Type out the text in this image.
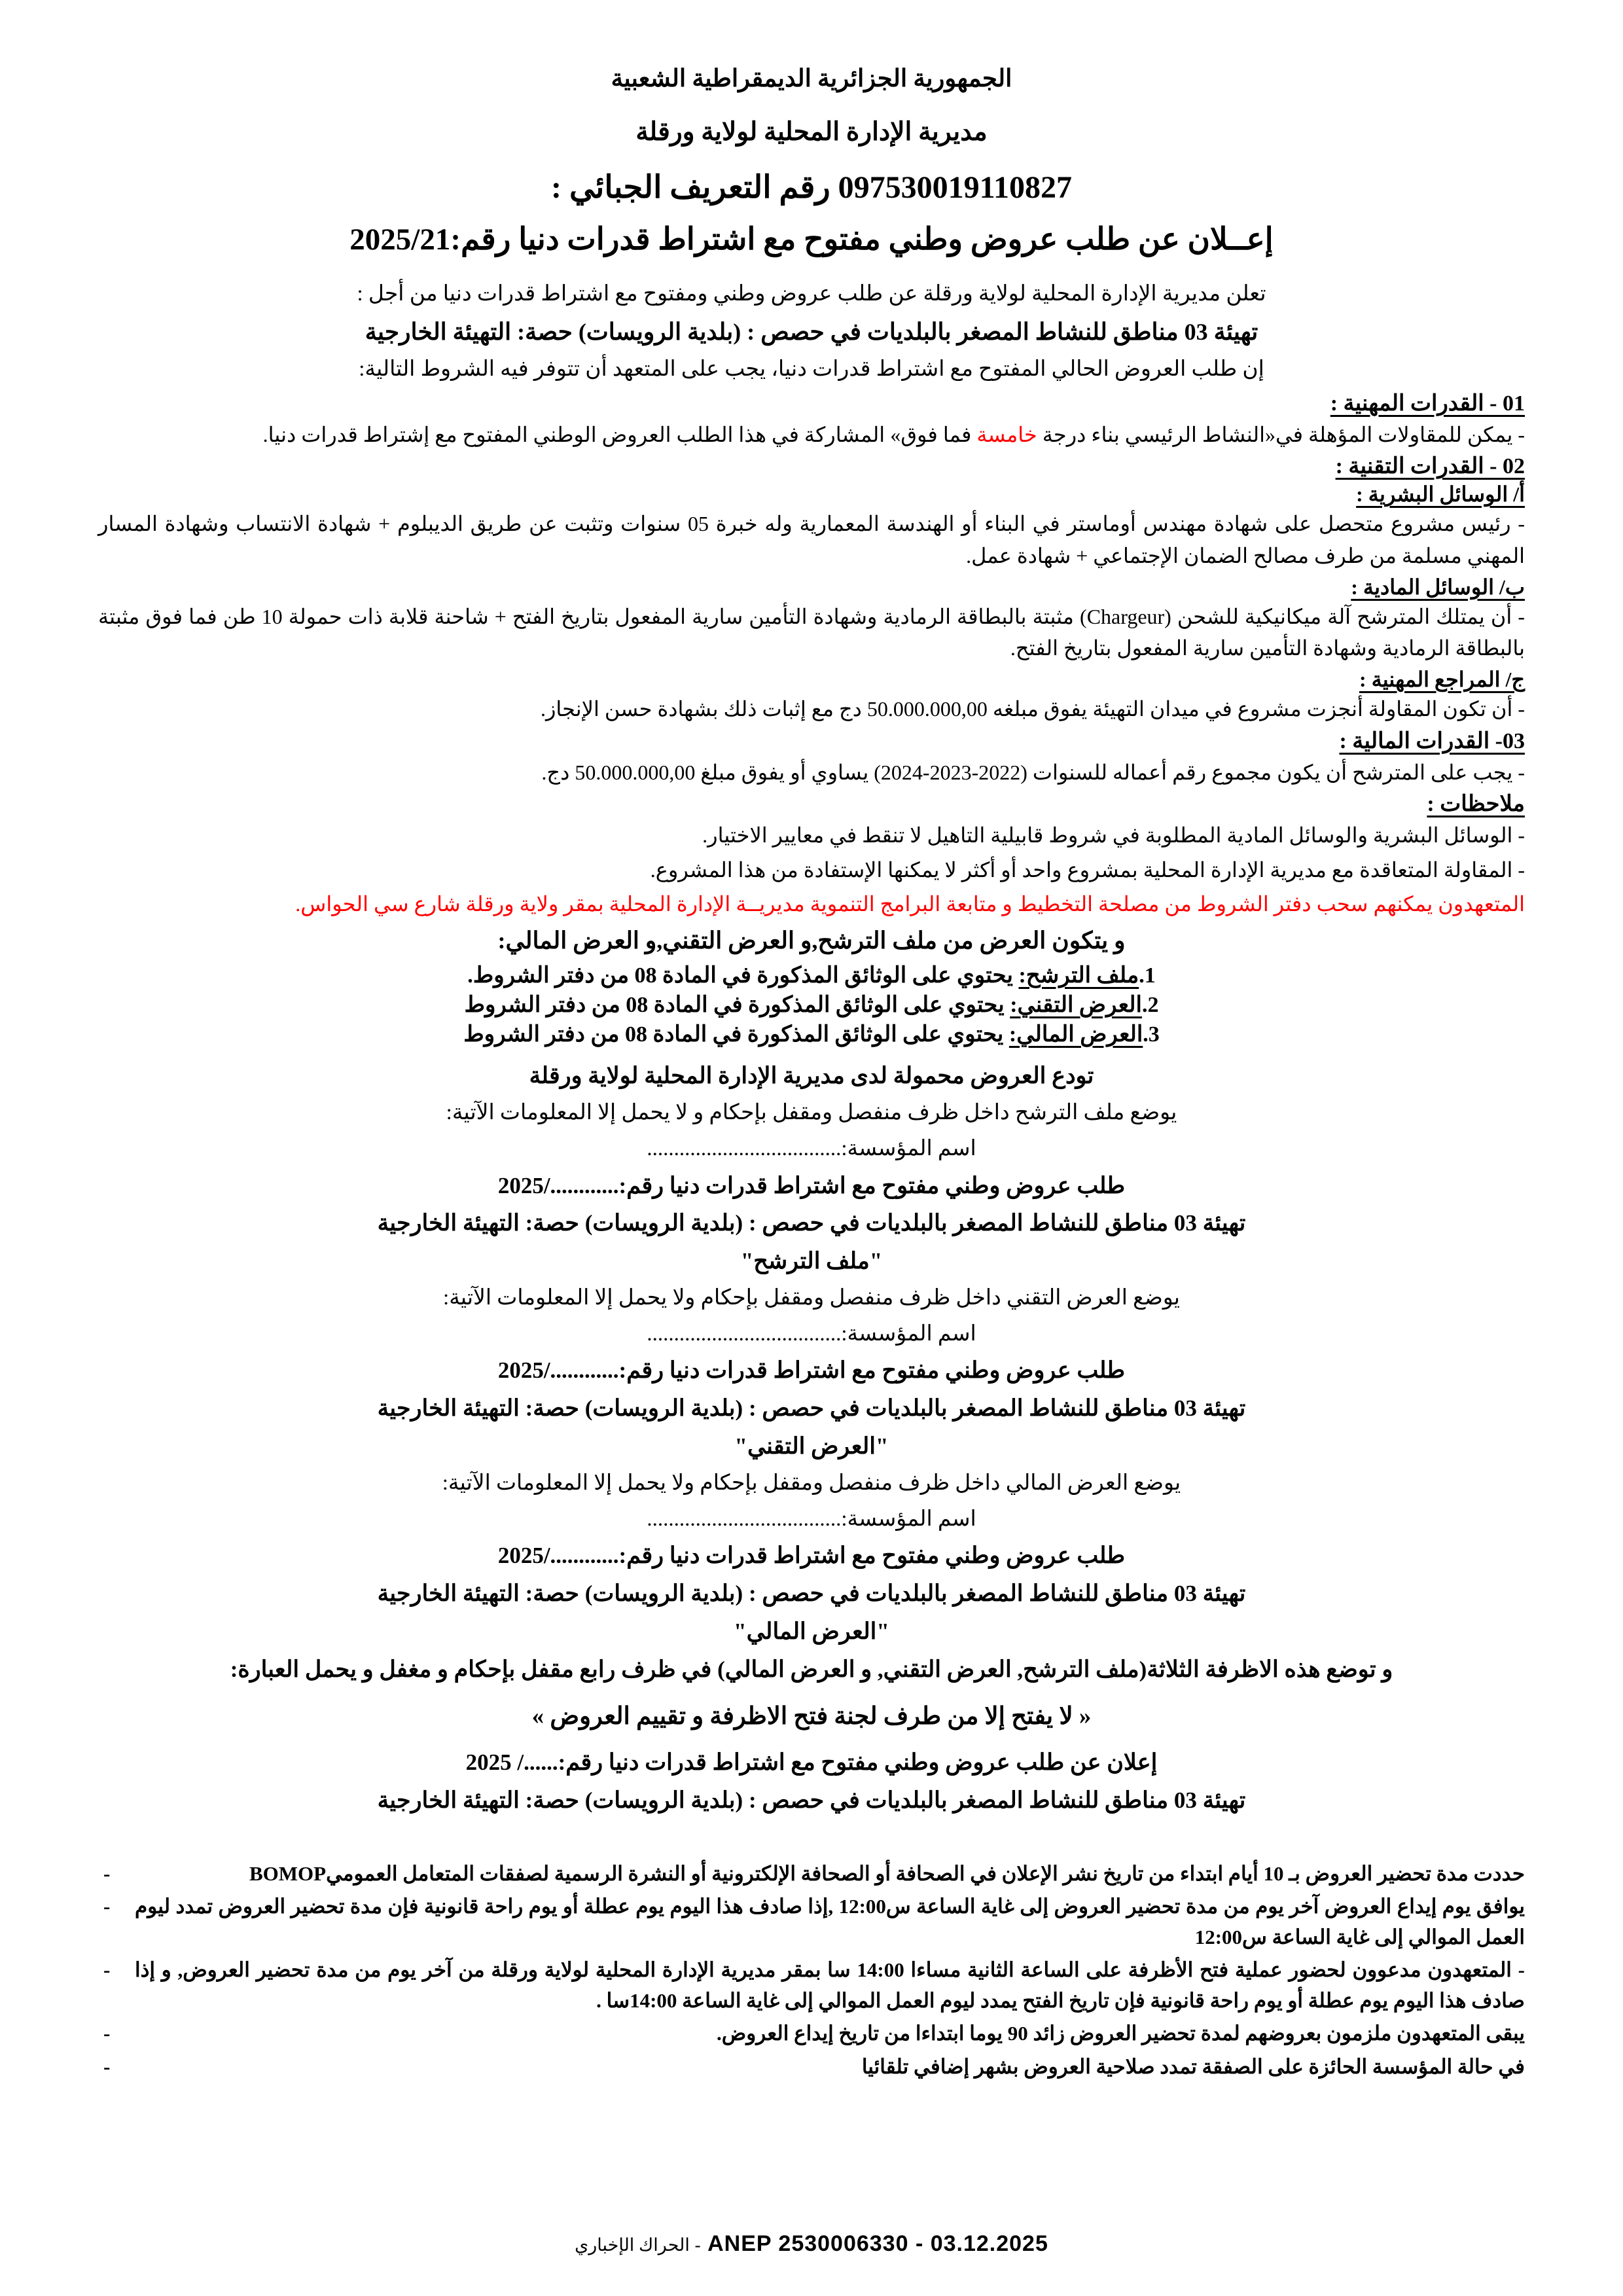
الجمهورية الجزائرية الديمقراطية الشعبية
مديرية الإدارة المحلية لولاية ورقلة
097530019110827 رقم التعريف الجبائي :
إعــلان عن طلب عروض وطني مفتوح مع اشتراط قدرات دنيا رقم:2025/21
تعلن مديرية الإدارة المحلية لولاية ورقلة عن طلب عروض وطني ومفتوح مع اشتراط قدرات دنيا من أجل :
تهيئة 03 مناطق للنشاط المصغر بالبلديات في حصص : (بلدية الرويسات) حصة: التهيئة الخارجية
إن طلب العروض الحالي المفتوح مع اشتراط قدرات دنيا، يجب على المتعهد أن تتوفر فيه الشروط التالية:
01 - القدرات المهنية :
- يمكن للمقاولات المؤهلة في«النشاط الرئيسي بناء درجة خامسة فما فوق» المشاركة في هذا الطلب العروض الوطني المفتوح مع إشتراط قدرات دنيا.
02 - القدرات التقنية :
أ/ الوسائل البشرية :
- رئيس مشروع متحصل على شهادة مهندس أوماستر في البناء أو الهندسة المعمارية وله خبرة 05 سنوات وتثبت عن طريق الديبلوم + شهادة الانتساب وشهادة المسار المهني مسلمة من طرف مصالح الضمان الإجتماعي + شهادة عمل.
ب/ الوسائل المادية :
- أن يمتلك المترشح آلة ميكانيكية للشحن (Chargeur) مثبتة بالبطاقة الرمادية وشهادة التأمين سارية المفعول بتاريخ الفتح + شاحنة قلابة ذات حمولة 10 طن فما فوق مثبتة بالبطاقة الرمادية وشهادة التأمين سارية المفعول بتاريخ الفتح.
ج/ المراجع المهنية :
- أن تكون المقاولة أنجزت مشروع في ميدان التهيئة يفوق مبلغه 50.000.000,00 دج مع إثبات ذلك بشهادة حسن الإنجاز.
03- القدرات المالية :
- يجب على المترشح أن يكون مجموع رقم أعماله للسنوات (2022-2023-2024) يساوي أو يفوق مبلغ 50.000.000,00 دج.
ملاحظات :
- الوسائل البشرية والوسائل المادية المطلوبة في شروط قابيلية التاهيل لا تنقط في معايير الاختيار.
- المقاولة المتعاقدة مع مديرية الإدارة المحلية بمشروع واحد أو أكثر لا يمكنها الإستفادة من هذا المشروع.
المتعهدون يمكنهم سحب دفتر الشروط من مصلحة التخطيط و متابعة البرامج التنموية مديريــة الإدارة المحلية بمقر ولاية ورقلة شارع سي الحواس.
و يتكون العرض من ملف الترشح,و العرض التقني,و العرض المالي:
1.ملف الترشح: يحتوي على الوثائق المذكورة في المادة 08 من دفتر الشروط.
2.العرض التقني: يحتوي على الوثائق المذكورة في المادة 08 من دفتر الشروط
3.العرض المالي: يحتوي على الوثائق المذكورة في المادة 08 من دفتر الشروط
تودع العروض محمولة لدى مديرية الإدارة المحلية لولاية ورقلة
يوضع ملف الترشح داخل ظرف منفصل ومقفل بإحكام و لا يحمل إلا المعلومات الآتية:
اسم المؤسسة:....................................
طلب عروض وطني مفتوح مع اشتراط قدرات دنيا رقم:............/2025
تهيئة 03 مناطق للنشاط المصغر بالبلديات في حصص : (بلدية الرويسات) حصة: التهيئة الخارجية
"ملف الترشح"
يوضع العرض التقني داخل ظرف منفصل ومقفل بإحكام ولا يحمل إلا المعلومات الآتية:
اسم المؤسسة:....................................
طلب عروض وطني مفتوح مع اشتراط قدرات دنيا رقم:............/2025
تهيئة 03 مناطق للنشاط المصغر بالبلديات في حصص : (بلدية الرويسات) حصة: التهيئة الخارجية
"العرض التقني"
يوضع العرض المالي داخل ظرف منفصل ومقفل بإحكام ولا يحمل إلا المعلومات الآتية:
اسم المؤسسة:....................................
طلب عروض وطني مفتوح مع اشتراط قدرات دنيا رقم:............/2025
تهيئة 03 مناطق للنشاط المصغر بالبلديات في حصص : (بلدية الرويسات) حصة: التهيئة الخارجية
"العرض المالي"
و توضع هذه الاظرفة الثلاثة(ملف الترشح, العرض التقني, و العرض المالي) في ظرف رابع مقفل بإحكام و مغفل و يحمل العبارة:
« لا يفتح إلا من طرف لجنة فتح الاظرفة و تقييم العروض »
إعلان عن طلب عروض وطني مفتوح مع اشتراط قدرات دنيا رقم:....../ 2025
تهيئة 03 مناطق للنشاط المصغر بالبلديات في حصص : (بلدية الرويسات) حصة: التهيئة الخارجية
حددت مدة تحضير العروض بـ 10 أيام ابتداء من تاريخ نشر الإعلان في الصحافة أو الصحافة الإلكترونية أو النشرة الرسمية لصفقات المتعامل العموميBOMOP -
يوافق يوم إيداع العروض آخر يوم من مدة تحضير العروض إلى غاية الساعة س12:00 ,إذا صادف هذا اليوم يوم عطلة أو يوم راحة قانونية فإن مدة تحضير العروض تمدد ليوم العمل الموالي إلى غاية الساعة س12:00 -
- المتعهدون مدعوون لحضور عملية فتح الأظرفة على الساعة الثانية مساءا 14:00 سا بمقر مديرية الإدارة المحلية لولاية ورقلة من آخر يوم من مدة تحضير العروض, و إذا صادف هذا اليوم يوم عطلة أو يوم راحة قانونية فإن تاريخ الفتح يمدد ليوم العمل الموالي إلى غاية الساعة 14:00سا . -
يبقى المتعهدون ملزمون بعروضهم لمدة تحضير العروض زائد 90 يوما ابتداءا من تاريخ إيداع العروض. -
في حالة المؤسسة الحائزة على الصفقة تمدد صلاحية العروض بشهر إضافي تلقائيا -
ANEP 2530006330 - 03.12.2025 - الحراك الإخباري
